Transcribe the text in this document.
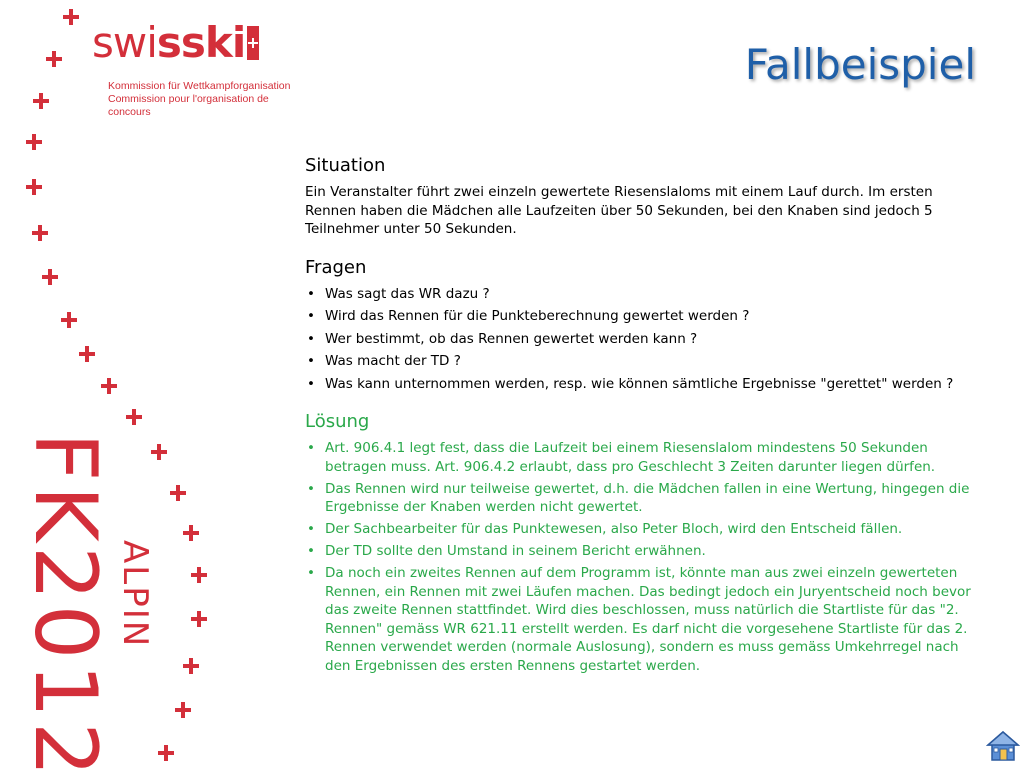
swisski
Kommission für Wettkampforganisation
Commission pour l'organisation de concours
Fallbeispiel
FK2012 ALPIN
Situation

Ein Veranstalter führt zwei einzeln gewertete Riesenslaloms mit einem Lauf durch. Im ersten Rennen haben die Mädchen alle Laufzeiten über 50 Sekunden, bei den Knaben sind jedoch 5 Teilnehmer unter 50 Sekunden.

Fragen
• Was sagt das WR dazu ?
• Wird das Rennen für die Punkteberechnung gewertet werden ?
• Wer bestimmt, ob das Rennen gewertet werden kann ?
• Was macht der TD ?
• Was kann unternommen werden, resp. wie können sämtliche Ergebnisse "gerettet" werden ?
Lösung
• Art. 906.4.1 legt fest, dass die Laufzeit bei einem Riesenslalom mindestens 50 Sekunden betragen muss. Art. 906.4.2 erlaubt, dass pro Geschlecht 3 Zeiten darunter liegen dürfen.
• Das Rennen wird nur teilweise gewertet, d.h. die Mädchen fallen in eine Wertung, hingegen die Ergebnisse der Knaben werden nicht gewertet.
• Der Sachbearbeiter für das Punktewesen, also Peter Bloch, wird den Entscheid fällen.
• Der TD sollte den Umstand in seinem Bericht erwähnen.
• Da noch ein zweites Rennen auf dem Programm ist, könnte man aus zwei einzeln gewerteten Rennen, ein Rennen mit zwei Läufen machen. Das bedingt jedoch ein Juryentscheid noch bevor das zweite Rennen stattfindet. Wird dies beschlossen, muss natürlich die Startliste für das "2. Rennen" gemäss WR 621.11 erstellt werden. Es darf nicht die vorgesehene Startliste für das 2. Rennen verwendet werden (normale Auslosung), sondern es muss gemäss Umkehrregel nach den Ergebnissen des ersten Rennens gestartet werden.
